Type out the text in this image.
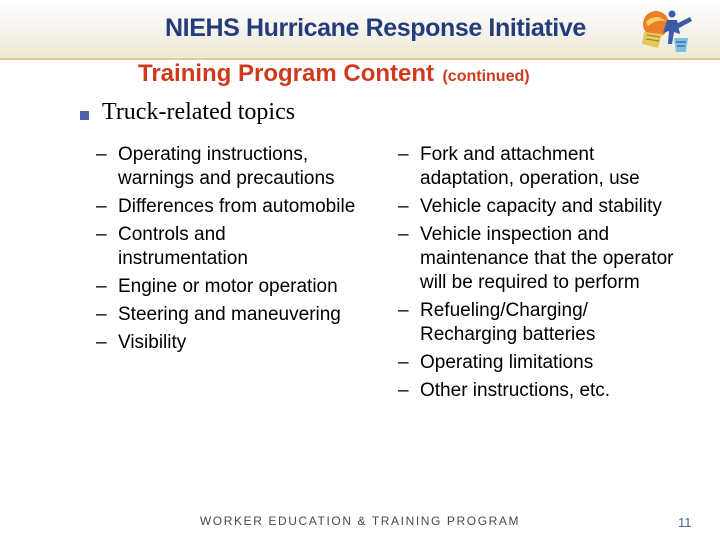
NIEHS Hurricane Response Initiative
Training Program Content (continued)
Truck-related topics
– Operating instructions, warnings and precautions
– Differences from automobile
– Controls and instrumentation
– Engine or motor operation
– Steering and maneuvering
– Visibility
– Fork and attachment adaptation, operation, use
– Vehicle capacity and stability
– Vehicle inspection and maintenance that the operator will be required to perform
– Refueling/Charging/ Recharging batteries
– Operating limitations
– Other instructions, etc.
WORKER EDUCATION & TRAINING PROGRAM	11
